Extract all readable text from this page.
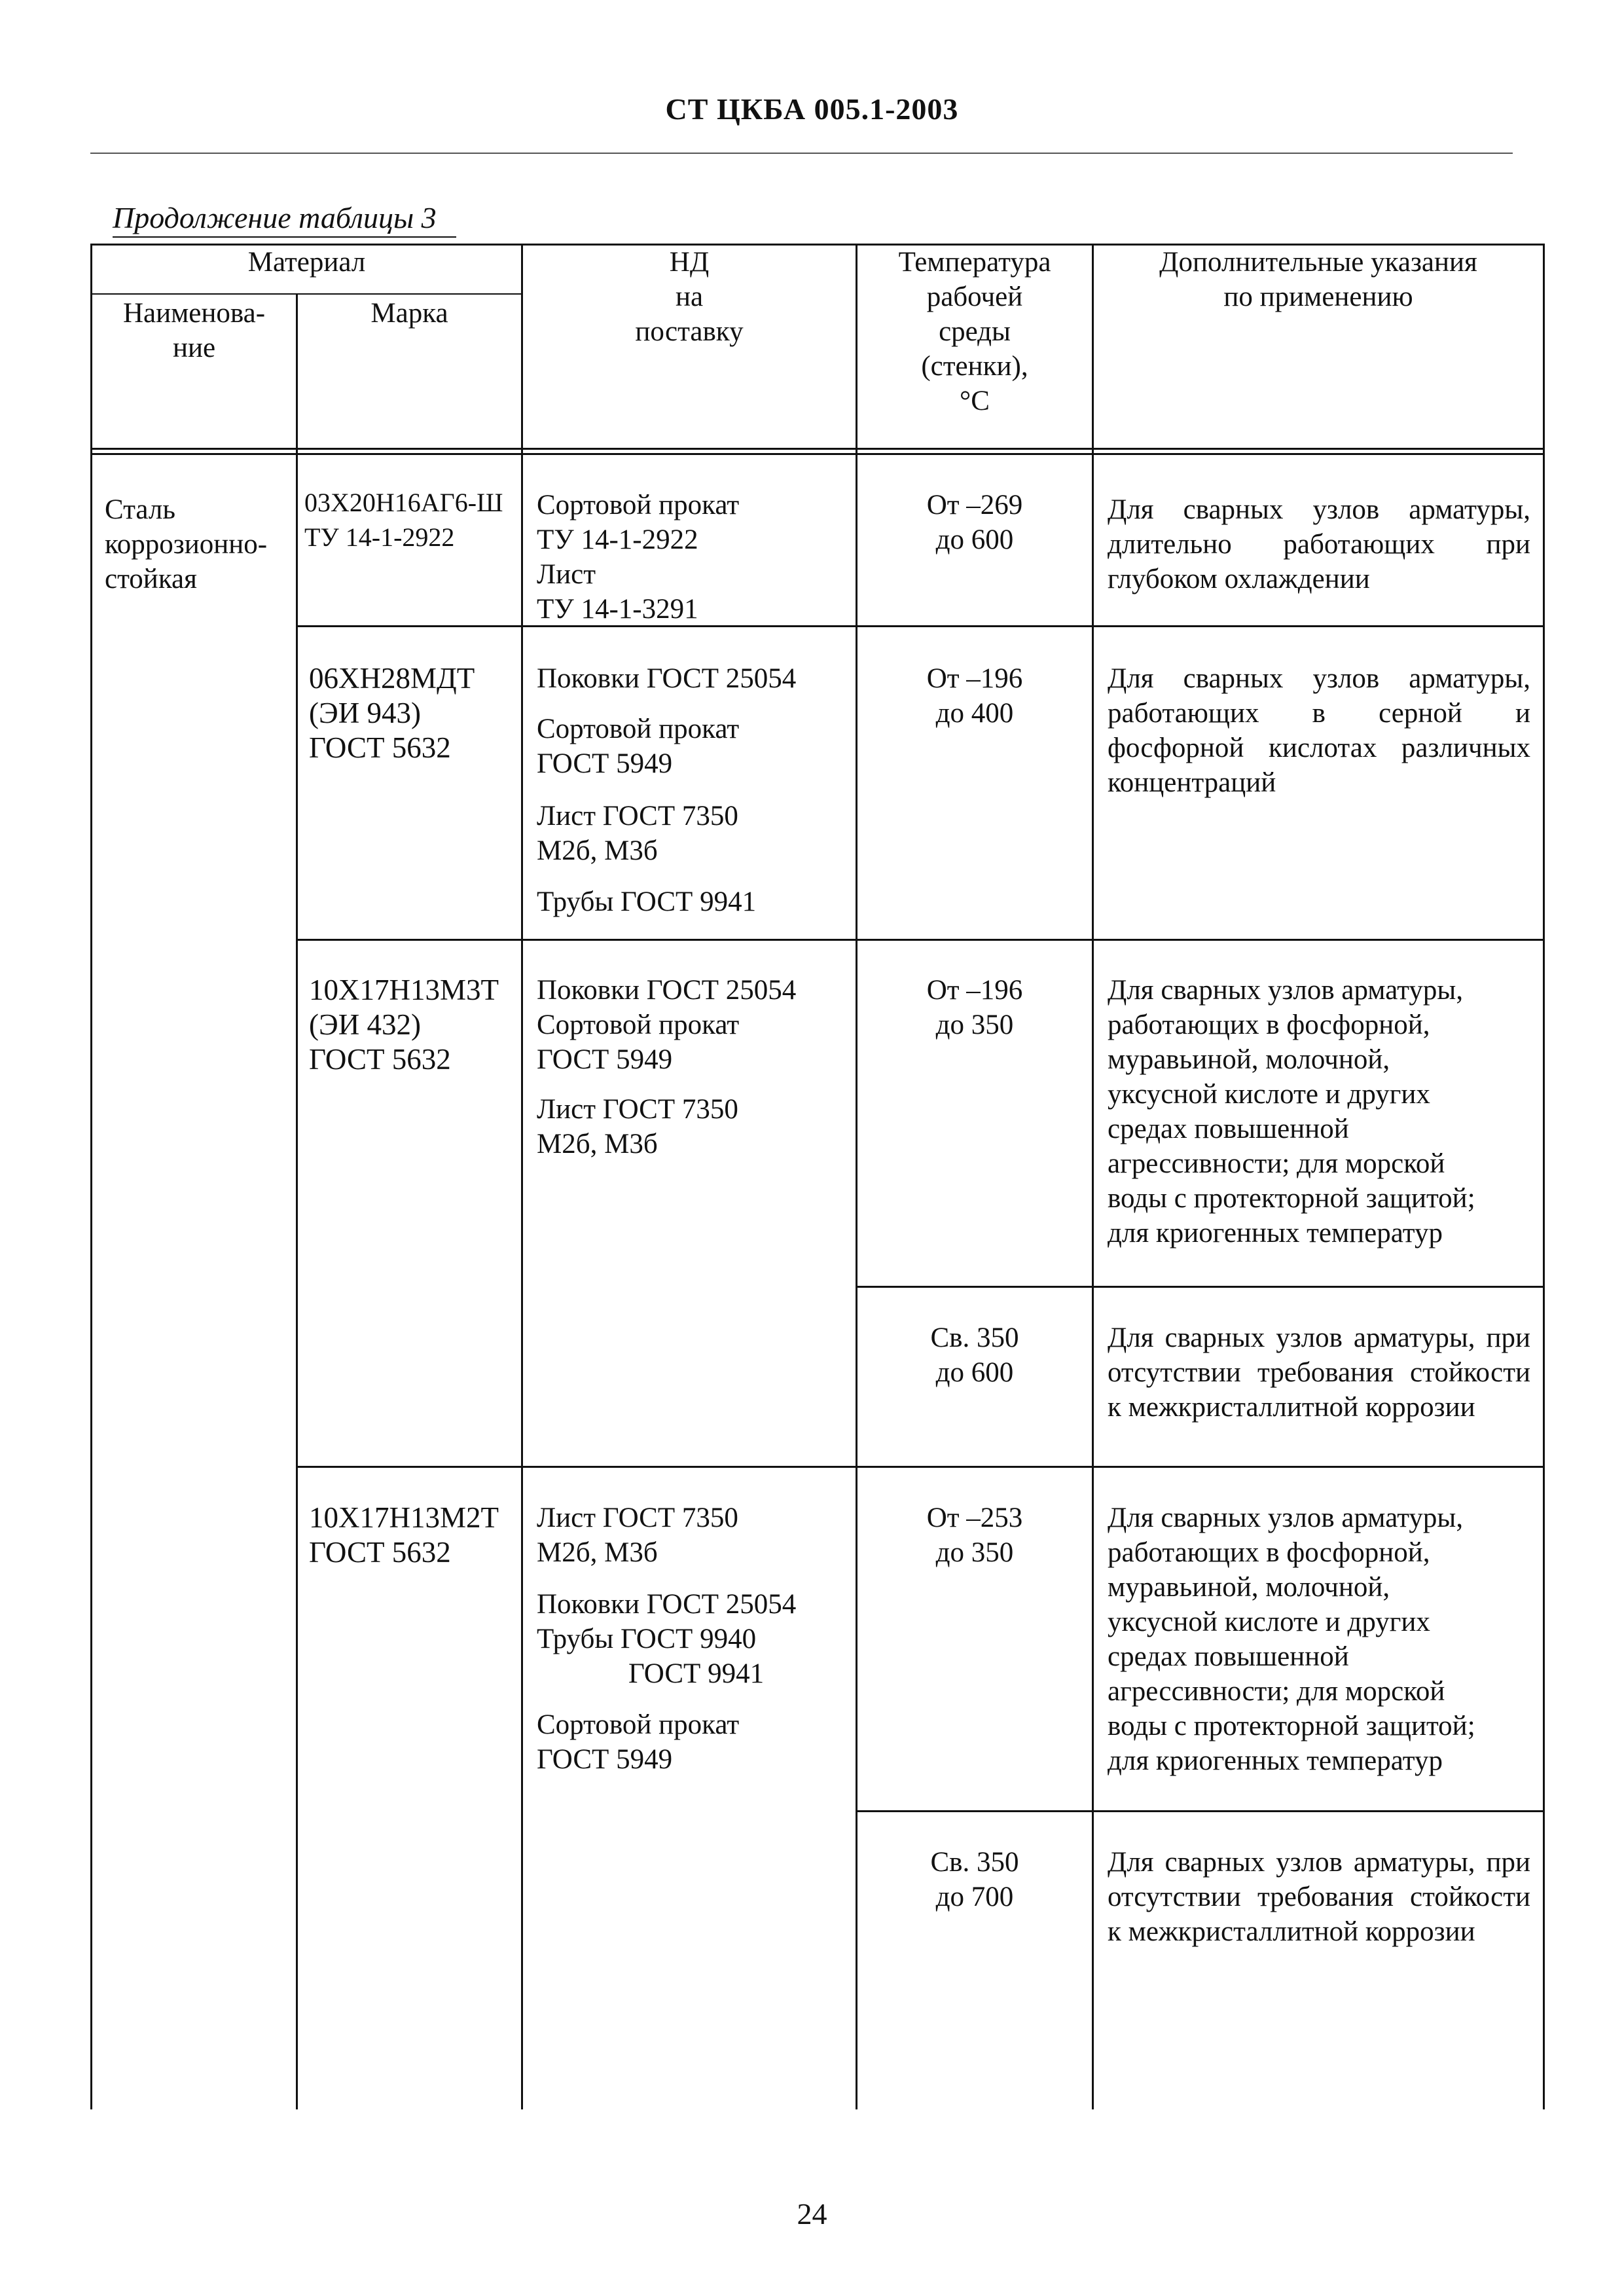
СТ ЦКБА 005.1-2003
Продолжение таблицы 3
Материал
Наименова-
ние
Марка
НД
на
поставку
Температура
рабочей
среды
(стенки),
°C
Дополнительные указания
по применению
Сталь
коррозионно-
стойкая
03Х20Н16АГ6-Ш
ТУ 14-1-2922
Сортовой прокат
ТУ 14-1-2922
Лист
ТУ 14-1-3291
От –269
до 600
Для сварных узлов арматуры, длительно работающих при глубоком охлаждении
06ХН28МДТ
(ЭИ 943)
ГОСТ 5632
Поковки ГОСТ 25054
Сортовой прокат
ГОСТ 5949
Лист ГОСТ 7350
М2б, М3б
Трубы ГОСТ 9941
От –196
до 400
Для сварных узлов арматуры, работающих в серной и фосфорной кислотах различных концентраций
10Х17Н13М3Т
(ЭИ 432)
ГОСТ 5632
Поковки ГОСТ 25054
Сортовой прокат
ГОСТ 5949
Лист ГОСТ 7350
М2б, М3б
От –196
до 350
Для сварных узлов арматуры,
работающих в фосфорной,
муравьиной, молочной,
уксусной кислоте и других
средах повышенной
агрессивности; для морской
воды с протекторной защитой;
для криогенных температур
Св. 350
до 600
Для сварных узлов арматуры, при отсутствии требования стойкости к межкристаллитной коррозии
10Х17Н13М2Т
ГОСТ 5632
Лист ГОСТ 7350
М2б, М3б
Поковки ГОСТ 25054
Трубы ГОСТ 9940
ГОСТ 9941
Сортовой прокат
ГОСТ 5949
От –253
до 350
Для сварных узлов арматуры,
работающих в фосфорной,
муравьиной, молочной,
уксусной кислоте и других
средах повышенной
агрессивности; для морской
воды с протекторной защитой;
для криогенных температур
Св. 350
до 700
Для сварных узлов арматуры, при отсутствии требования стойкости к межкристаллитной коррозии
24
